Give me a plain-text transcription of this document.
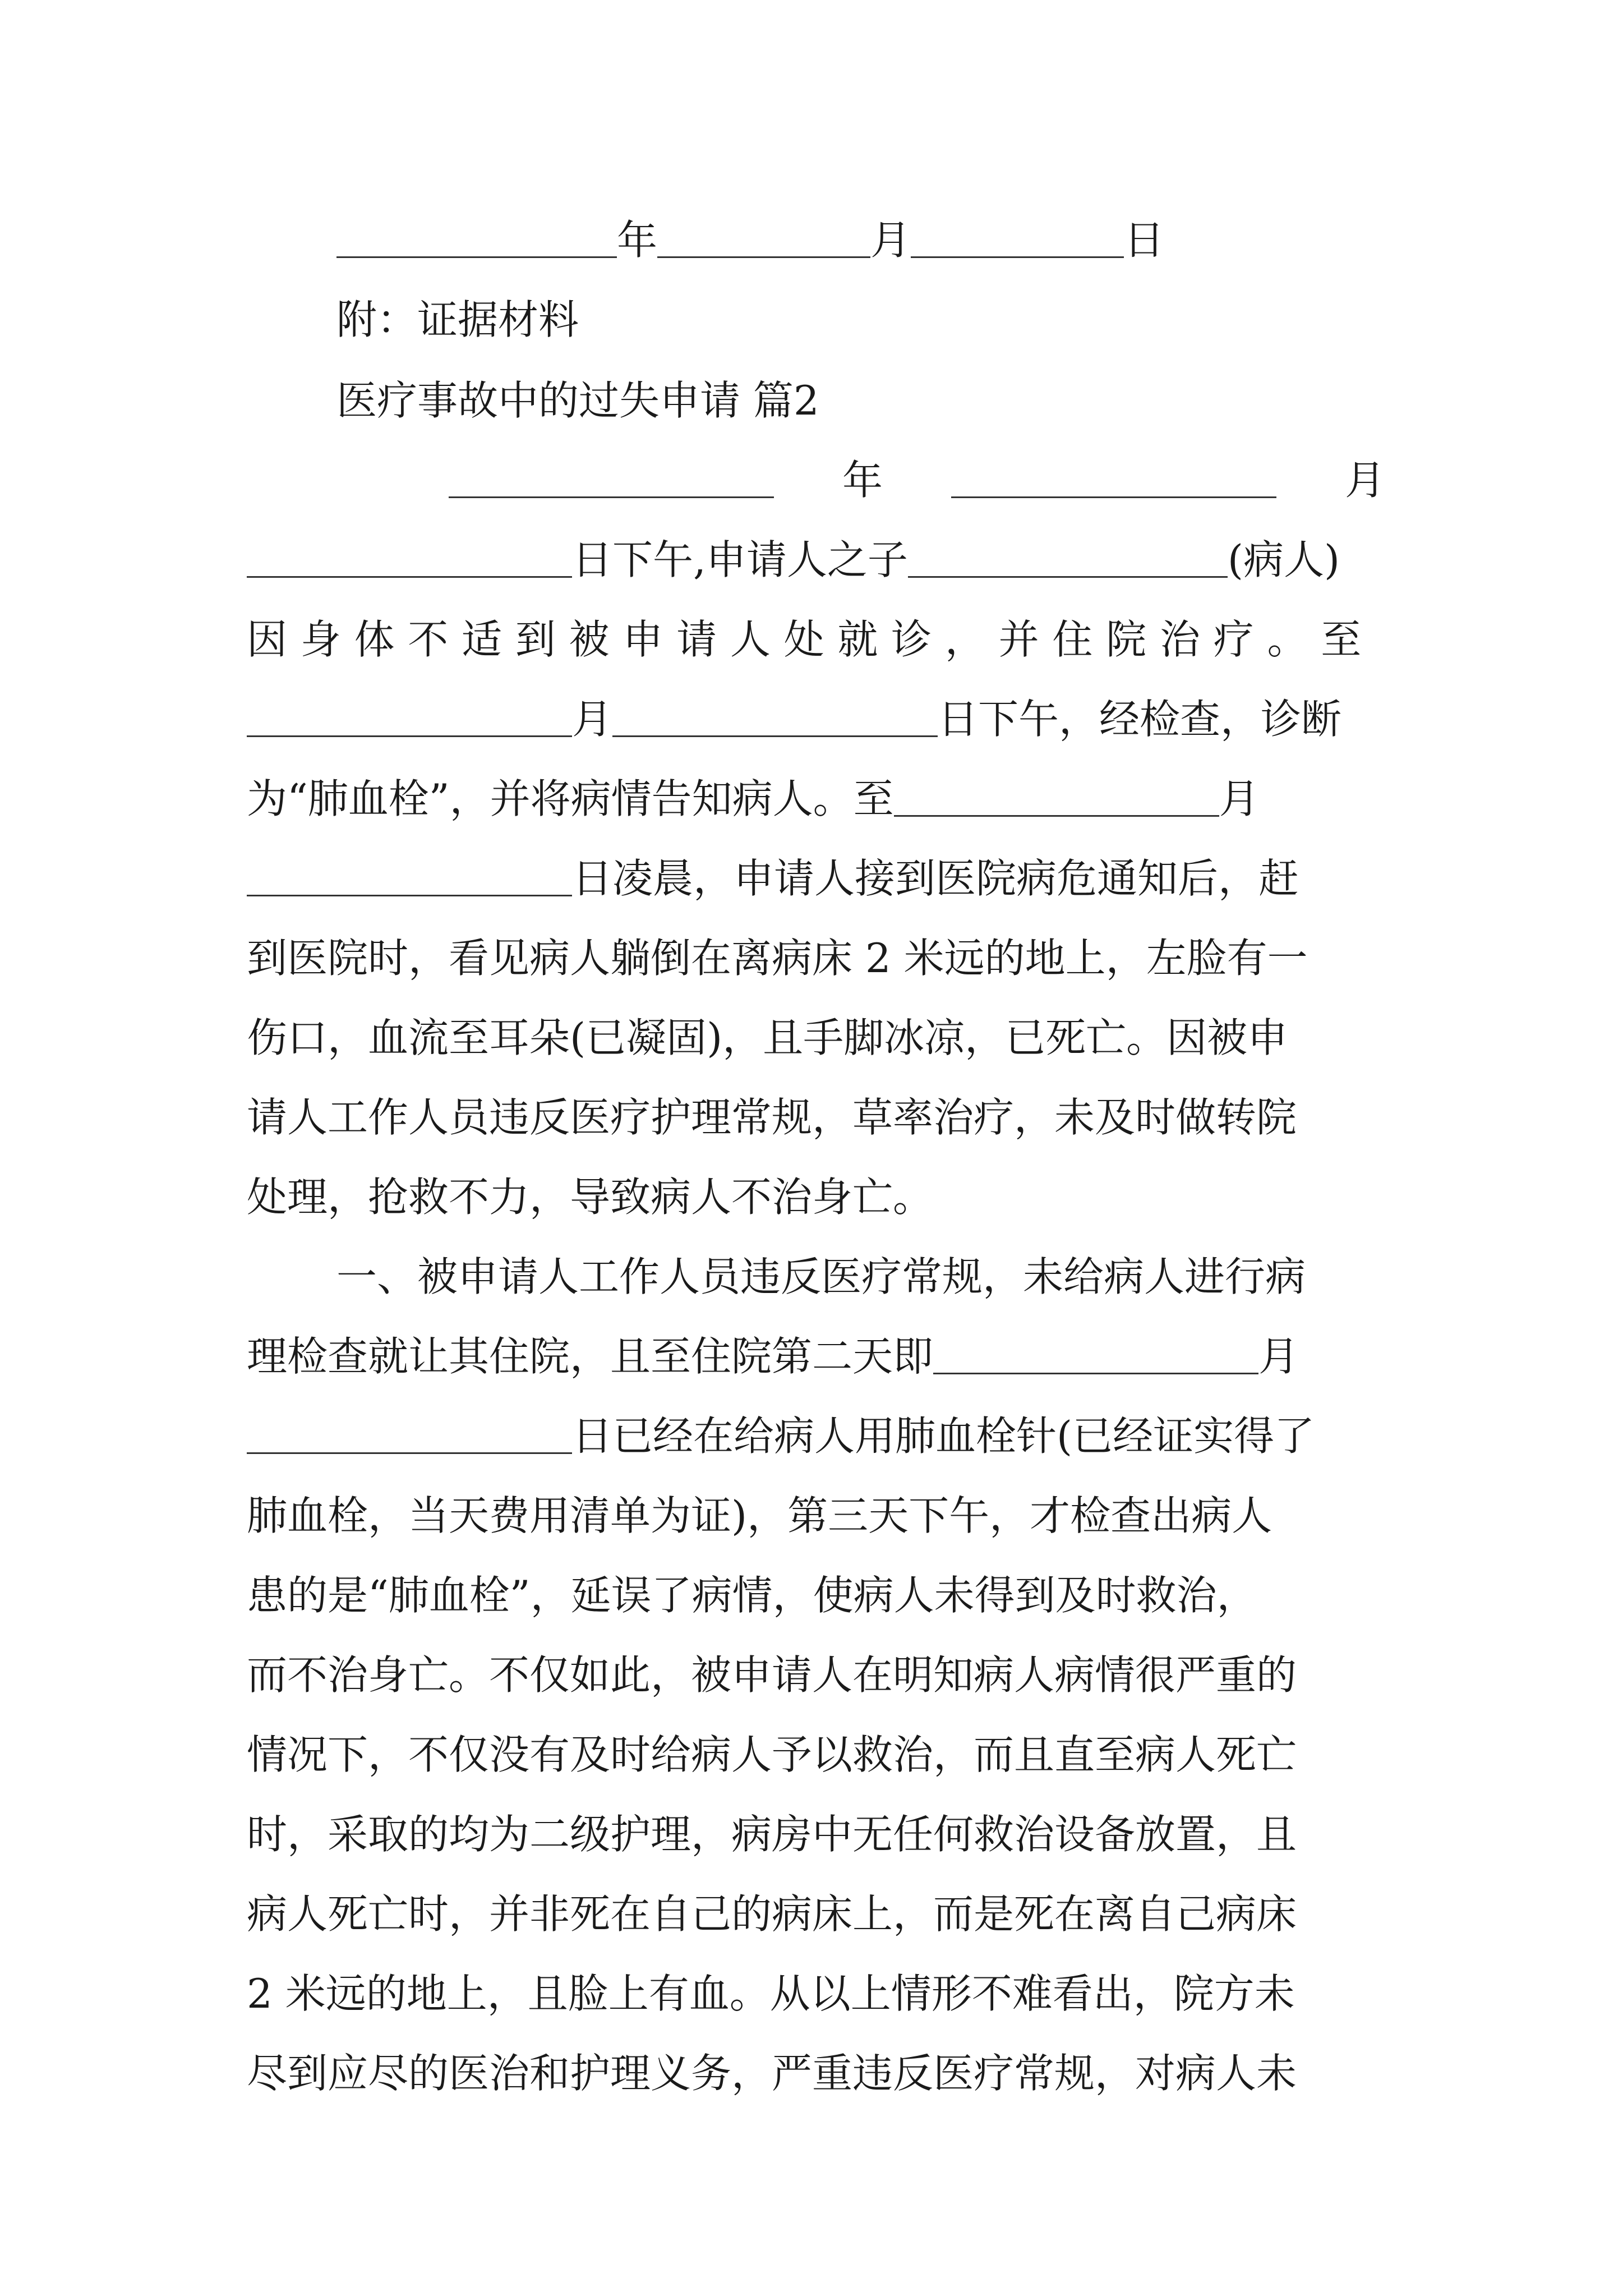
年	月	日
附：证据材料
医疗事故中的过失申请 篇2
年	月
日下午,申请人之子	(病人)
因身体不适到被申请人处就诊，并住院治疗。至
月	日下午，经检查，诊断
为“肺血栓”，并将病情告知病人。至	月
日凌晨，申请人接到医院病危通知后，赶
到医院时，看见病人躺倒在离病床 2 米远的地上，左脸有一
伤口，血流至耳朵(已凝固)，且手脚冰凉，已死亡。因被申
请人工作人员违反医疗护理常规，草率治疗，未及时做转院
处理，抢救不力，导致病人不治身亡。
一、被申请人工作人员违反医疗常规，未给病人进行病
理检查就让其住院，且至住院第二天即	月
日已经在给病人用肺血栓针(已经证实得了
肺血栓，当天费用清单为证)，第三天下午，才检查出病人
患的是“肺血栓”，延误了病情，使病人未得到及时救治，
而不治身亡。不仅如此，被申请人在明知病人病情很严重的
情况下，不仅没有及时给病人予以救治，而且直至病人死亡
时，采取的均为二级护理，病房中无任何救治设备放置，且
病人死亡时，并非死在自己的病床上，而是死在离自己病床
2 米远的地上，且脸上有血。从以上情形不难看出，院方未
尽到应尽的医治和护理义务，严重违反医疗常规，对病人未
